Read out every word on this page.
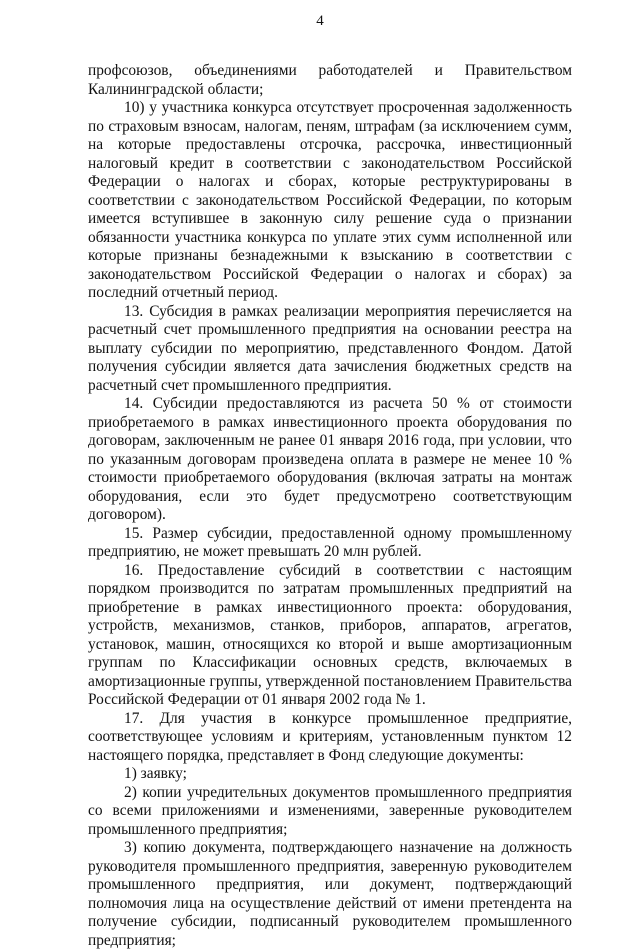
4

профсоюзов, объединениями работодателей и Правительством Калининградской области;

10) у участника конкурса отсутствует просроченная задолженность по страховым взносам, налогам, пеням, штрафам (за исключением сумм, на которые предоставлены отсрочка, рассрочка, инвестиционный налоговый кредит в соответствии с законодательством Российской Федерации о налогах и сборах, которые реструктурированы в соответствии с законодательством Российской Федерации, по которым имеется вступившее в законную силу решение суда о признании обязанности участника конкурса по уплате этих сумм исполненной или которые признаны безнадежными к взысканию в соответствии с законодательством Российской Федерации о налогах и сборах) за последний отчетный период.

13. Субсидия в рамках реализации мероприятия перечисляется на расчетный счет промышленного предприятия на основании реестра на выплату субсидии по мероприятию, представленного Фондом. Датой получения субсидии является дата зачисления бюджетных средств на расчетный счет промышленного предприятия.

14. Субсидии предоставляются из расчета 50 % от стоимости приобретаемого в рамках инвестиционного проекта оборудования по договорам, заключенным не ранее 01 января 2016 года, при условии, что по указанным договорам произведена оплата в размере не менее 10 % стоимости приобретаемого оборудования (включая затраты на монтаж оборудования, если это будет предусмотрено соответствующим договором).

15. Размер субсидии, предоставленной одному промышленному предприятию, не может превышать 20 млн рублей.

16. Предоставление субсидий в соответствии с настоящим порядком производится по затратам промышленных предприятий на приобретение в рамках инвестиционного проекта: оборудования, устройств, механизмов, станков, приборов, аппаратов, агрегатов, установок, машин, относящихся ко второй и выше амортизационным группам по Классификации основных средств, включаемых в амортизационные группы, утвержденной постановлением Правительства Российской Федерации от 01 января 2002 года № 1.

17. Для участия в конкурсе промышленное предприятие, соответствующее условиям и критериям, установленным пунктом 12 настоящего порядка, представляет в Фонд следующие документы:

1) заявку;

2) копии учредительных документов промышленного предприятия со всеми приложениями и изменениями, заверенные руководителем промышленного предприятия;

3) копию документа, подтверждающего назначение на должность руководителя промышленного предприятия, заверенную руководителем промышленного предприятия, или документ, подтверждающий полномочия лица на осуществление действий от имени претендента на получение субсидии, подписанный руководителем промышленного предприятия;
